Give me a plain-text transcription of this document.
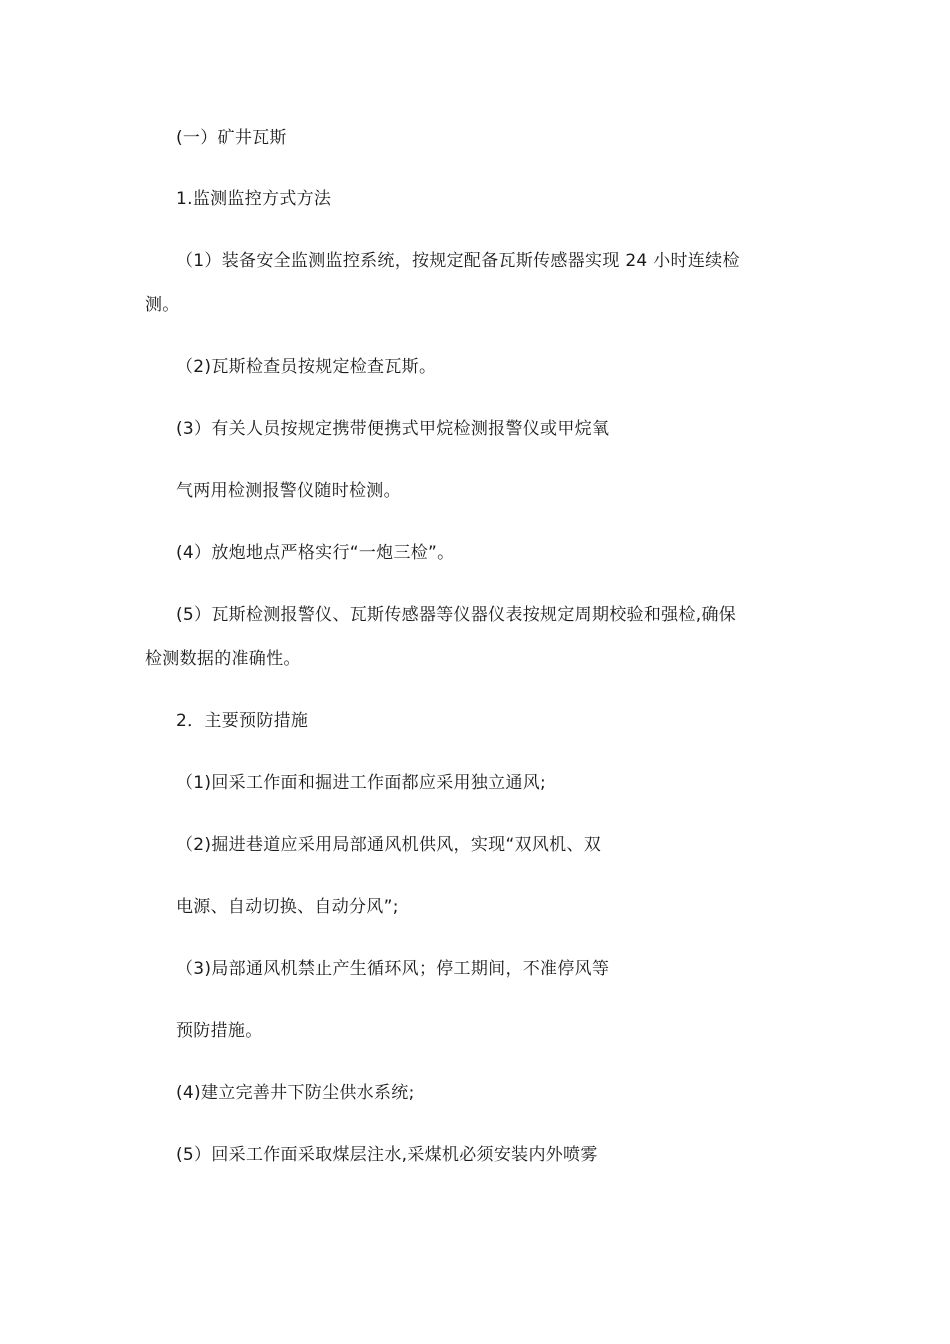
(一）矿井瓦斯
1.监测监控方式方法
（1）装备安全监测监控系统，按规定配备瓦斯传感器实现 24 小时连续检
测。
（2)瓦斯检查员按规定检查瓦斯。
(3）有关人员按规定携带便携式甲烷检测报警仪或甲烷氧
气两用检测报警仪随时检测。
(4）放炮地点严格实行“一炮三检”。
(5）瓦斯检测报警仪、瓦斯传感器等仪器仪表按规定周期校验和强检,确保
检测数据的准确性。
2．主要预防措施
（1)回采工作面和掘进工作面都应采用独立通风;
（2)掘进巷道应采用局部通风机供风，实现“双风机、双
电源、自动切换、自动分风”;
（3)局部通风机禁止产生循环风；停工期间，不准停风等
预防措施。
(4)建立完善井下防尘供水系统;
(5）回采工作面采取煤层注水,采煤机必须安装内外喷雾
